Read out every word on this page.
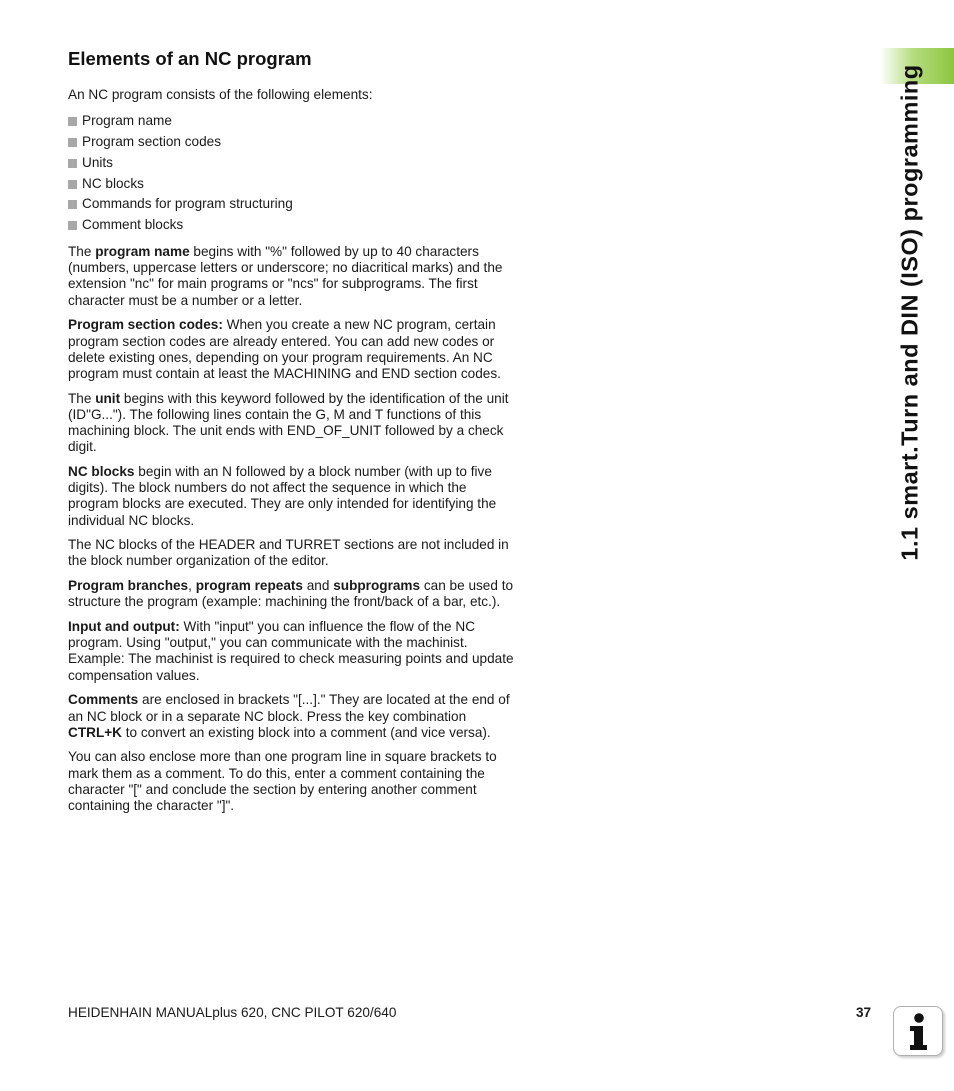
1.1 smart.Turn and DIN (ISO) programming
Elements of an NC program

An NC program consists of the following elements:

Program name
Program section codes
Units
NC blocks
Commands for program structuring
Comment blocks

The program name begins with "%" followed by up to 40 characters (numbers, uppercase letters or underscore; no diacritical marks) and the extension "nc" for main programs or "ncs" for subprograms. The first character must be a number or a letter.

Program section codes: When you create a new NC program, certain program section codes are already entered. You can add new codes or delete existing ones, depending on your program requirements. An NC program must contain at least the MACHINING and END section codes.

The unit begins with this keyword followed by the identification of the unit (ID"G..."). The following lines contain the G, M and T functions of this machining block. The unit ends with END_OF_UNIT followed by a check digit.

NC blocks begin with an N followed by a block number (with up to five digits). The block numbers do not affect the sequence in which the program blocks are executed. They are only intended for identifying the individual NC blocks.

The NC blocks of the HEADER and TURRET sections are not included in the block number organization of the editor.

Program branches, program repeats and subprograms can be used to structure the program (example: machining the front/back of a bar, etc.).

Input and output: With "input" you can influence the flow of the NC program. Using "output," you can communicate with the machinist. Example: The machinist is required to check measuring points and update compensation values.

Comments are enclosed in brackets "[...]." They are located at the end of an NC block or in a separate NC block. Press the key combination CTRL+K to convert an existing block into a comment (and vice versa).

You can also enclose more than one program line in square brackets to mark them as a comment. To do this, enter a comment containing the character "[" and conclude the section by entering another comment containing the character "]".

HEIDENHAIN MANUALplus 620, CNC PILOT 620/640	37
